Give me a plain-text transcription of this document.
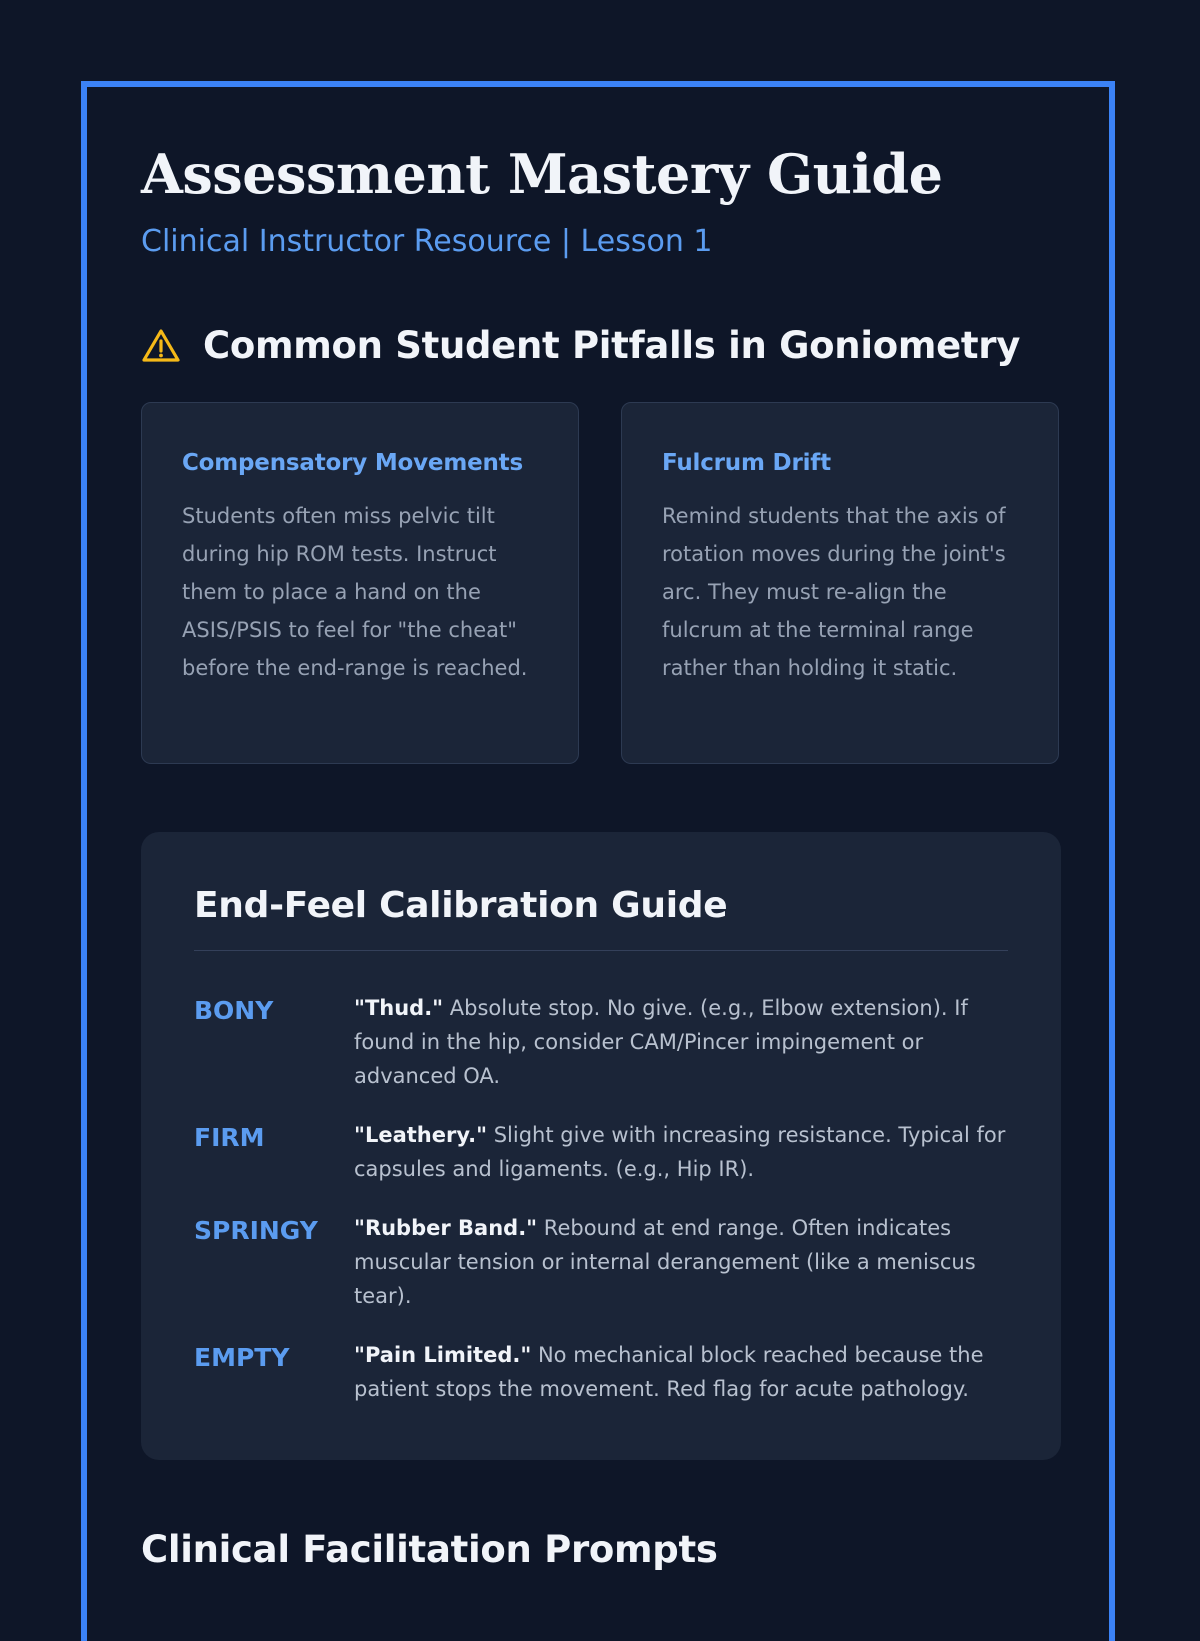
Assessment Mastery Guide
Clinical Instructor Resource | Lesson 1
Common Student Pitfalls in Goniometry
Compensatory Movements
Students often miss pelvic tilt during hip ROM tests. Instruct them to place a hand on the ASIS/PSIS to feel for "the cheat" before the end-range is reached.
Fulcrum Drift
Remind students that the axis of rotation moves during the joint's arc. They must re-align the fulcrum at the terminal range rather than holding it static.
End-Feel Calibration Guide
BONY	"Thud." Absolute stop. No give. (e.g., Elbow extension). If found in the hip, consider CAM/Pincer impingement or advanced OA.
FIRM	"Leathery." Slight give with increasing resistance. Typical for capsules and ligaments. (e.g., Hip IR).
SPRINGY	"Rubber Band." Rebound at end range. Often indicates muscular tension or internal derangement (like a meniscus tear).
EMPTY	"Pain Limited." No mechanical block reached because the patient stops the movement. Red flag for acute pathology.
Clinical Facilitation Prompts
